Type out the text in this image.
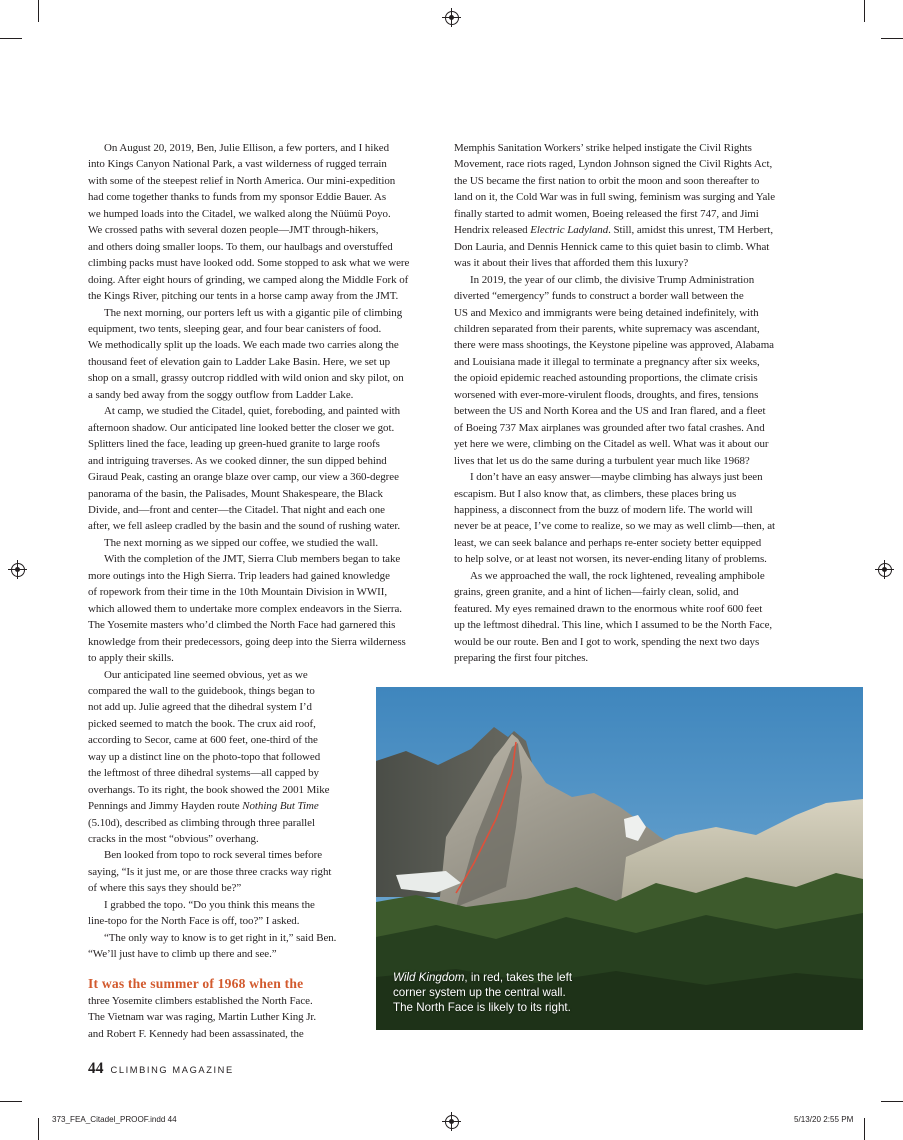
On August 20, 2019, Ben, Julie Ellison, a few porters, and I hiked
into Kings Canyon National Park, a vast wilderness of rugged terrain
with some of the steepest relief in North America. Our mini-expedition
had come together thanks to funds from my sponsor Eddie Bauer. As
we humped loads into the Citadel, we walked along the Nüümü Poyo.
We crossed paths with several dozen people—JMT through-hikers,
and others doing smaller loops. To them, our haulbags and overstuffed
climbing packs must have looked odd. Some stopped to ask what we were
doing. After eight hours of grinding, we camped along the Middle Fork of
the Kings River, pitching our tents in a horse camp away from the JMT.
The next morning, our porters left us with a gigantic pile of climbing
equipment, two tents, sleeping gear, and four bear canisters of food.
We methodically split up the loads. We each made two carries along the
thousand feet of elevation gain to Ladder Lake Basin. Here, we set up
shop on a small, grassy outcrop riddled with wild onion and sky pilot, on
a sandy bed away from the soggy outflow from Ladder Lake.
At camp, we studied the Citadel, quiet, foreboding, and painted with
afternoon shadow. Our anticipated line looked better the closer we got.
Splitters lined the face, leading up green-hued granite to large roofs
and intriguing traverses. As we cooked dinner, the sun dipped behind
Giraud Peak, casting an orange blaze over camp, our view a 360-degree
panorama of the basin, the Palisades, Mount Shakespeare, the Black
Divide, and—front and center—the Citadel. That night and each one
after, we fell asleep cradled by the basin and the sound of rushing water.
The next morning as we sipped our coffee, we studied the wall.
With the completion of the JMT, Sierra Club members began to take
more outings into the High Sierra. Trip leaders had gained knowledge
of ropework from their time in the 10th Mountain Division in WWII,
which allowed them to undertake more complex endeavors in the Sierra.
The Yosemite masters who’d climbed the North Face had garnered this
knowledge from their predecessors, going deep into the Sierra wilderness
to apply their skills.
Our anticipated line seemed obvious, yet as we
compared the wall to the guidebook, things began to
not add up. Julie agreed that the dihedral system I’d
picked seemed to match the book. The crux aid roof,
according to Secor, came at 600 feet, one-third of the
way up a distinct line on the photo-topo that followed
the leftmost of three dihedral systems—all capped by
overhangs. To its right, the book showed the 2001 Mike
Pennings and Jimmy Hayden route Nothing But Time
(5.10d), described as climbing through three parallel
cracks in the most “obvious” overhang.
Ben looked from topo to rock several times before
saying, “Is it just me, or are those three cracks way right
of where this says they should be?”
I grabbed the topo. “Do you think this means the
line-topo for the North Face is off, too?” I asked.
“The only way to know is to get right in it,” said Ben.
“We’ll just have to climb up there and see.”
It was the summer of 1968 when the
three Yosemite climbers established the North Face.
The Vietnam war was raging, Martin Luther King Jr.
and Robert F. Kennedy had been assassinated, the
Memphis Sanitation Workers’ strike helped instigate the Civil Rights
Movement, race riots raged, Lyndon Johnson signed the Civil Rights Act,
the US became the first nation to orbit the moon and soon thereafter to
land on it, the Cold War was in full swing, feminism was surging and Yale
finally started to admit women, Boeing released the first 747, and Jimi
Hendrix released Electric Ladyland. Still, amidst this unrest, TM Herbert,
Don Lauria, and Dennis Hennick came to this quiet basin to climb. What
was it about their lives that afforded them this luxury?
In 2019, the year of our climb, the divisive Trump Administration
diverted “emergency” funds to construct a border wall between the
US and Mexico and immigrants were being detained indefinitely, with
children separated from their parents, white supremacy was ascendant,
there were mass shootings, the Keystone pipeline was approved, Alabama
and Louisiana made it illegal to terminate a pregnancy after six weeks,
the opioid epidemic reached astounding proportions, the climate crisis
worsened with ever-more-virulent floods, droughts, and fires, tensions
between the US and North Korea and the US and Iran flared, and a fleet
of Boeing 737 Max airplanes was grounded after two fatal crashes. And
yet here we were, climbing on the Citadel as well. What was it about our
lives that let us do the same during a turbulent year much like 1968?
I don’t have an easy answer—maybe climbing has always just been
escapism. But I also know that, as climbers, these places bring us
happiness, a disconnect from the buzz of modern life. The world will
never be at peace, I’ve come to realize, so we may as well climb—then, at
least, we can seek balance and perhaps re-enter society better equipped
to help solve, or at least not worsen, its never-ending litany of problems.
As we approached the wall, the rock lightened, revealing amphibole
grains, green granite, and a hint of lichen—fairly clean, solid, and
featured. My eyes remained drawn to the enormous white roof 600 feet
up the leftmost dihedral. This line, which I assumed to be the North Face,
would be our route. Ben and I got to work, spending the next two days
preparing the first four pitches.
Wild Kingdom, in red, takes the left
corner system up the central wall.
The North Face is likely to its right.
44 CLIMBING MAGAZINE
373_FEA_Citadel_PROOF.indd 44	5/13/20 2:55 PM
